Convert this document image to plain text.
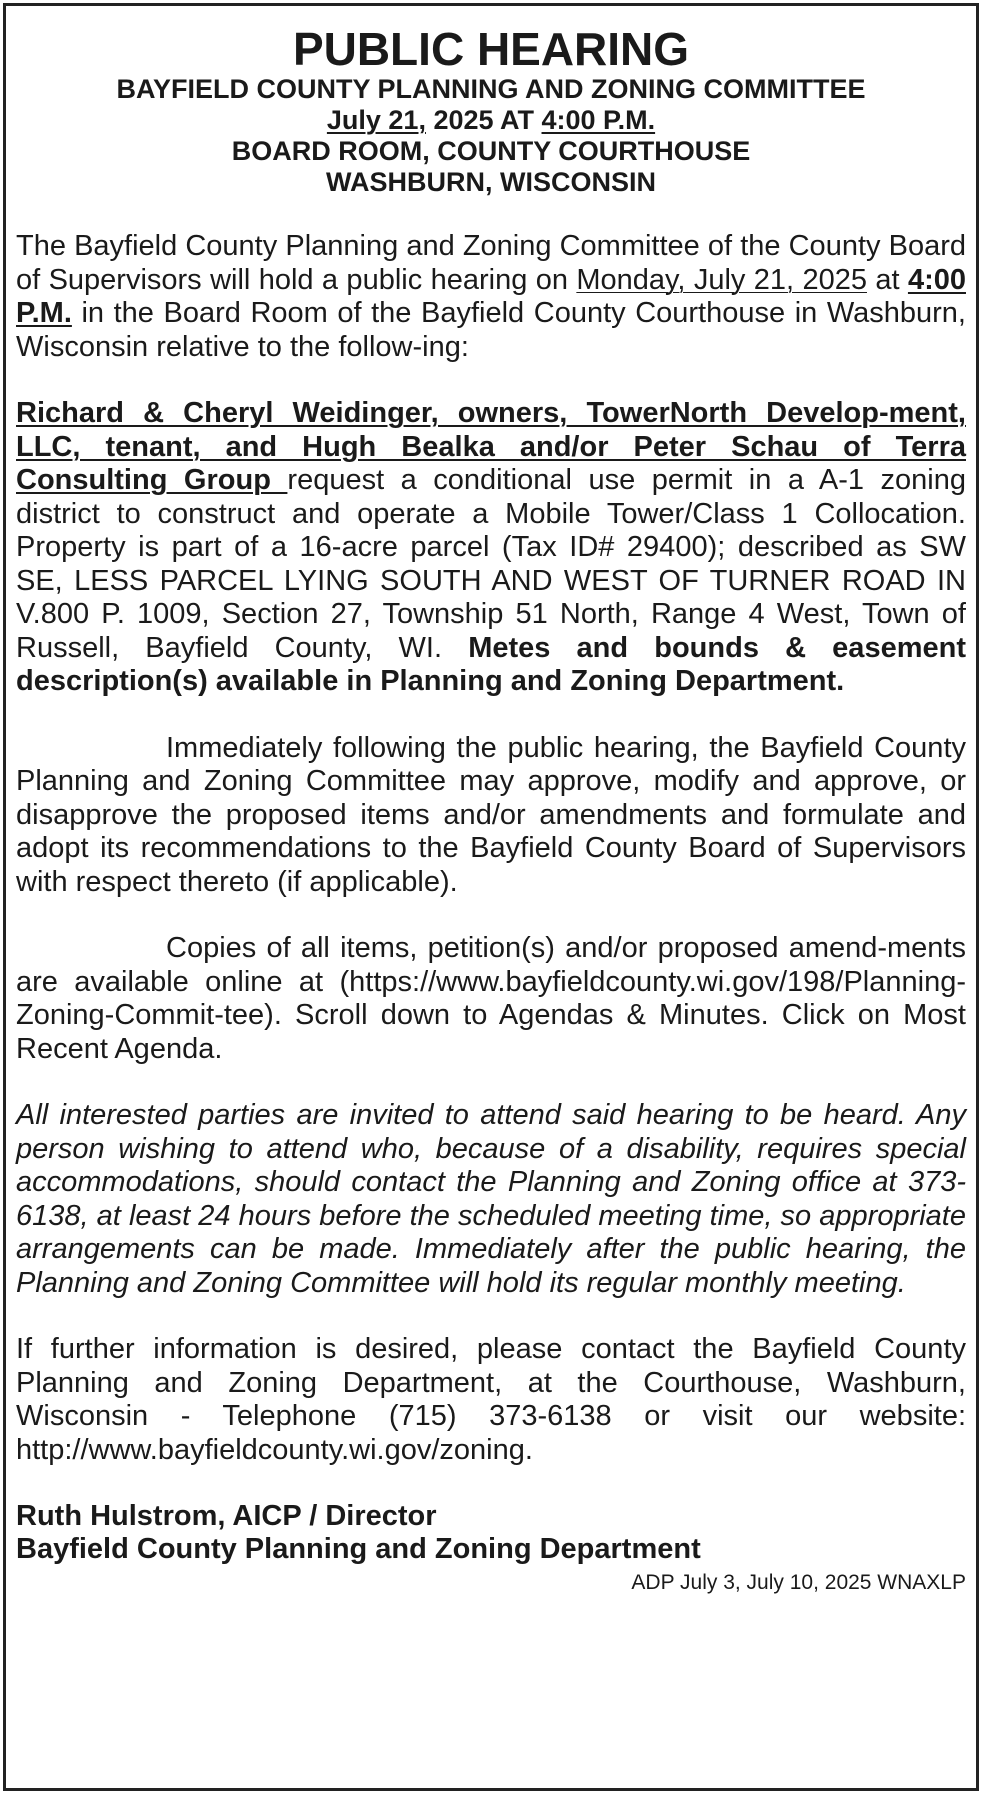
PUBLIC HEARING
BAYFIELD COUNTY PLANNING AND ZONING COMMITTEE
July 21, 2025 AT 4:00 P.M.
BOARD ROOM, COUNTY COURTHOUSE
WASHBURN, WISCONSIN

The Bayfield County Planning and Zoning Committee of the County Board of Supervisors will hold a public hearing on Monday, July 21, 2025 at 4:00 P.M. in the Board Room of the Bayfield County Courthouse in Washburn, Wisconsin relative to the follow-ing:

Richard & Cheryl Weidinger, owners, TowerNorth Develop-ment, LLC, tenant, and Hugh Bealka and/or Peter Schau of Terra Consulting Group request a conditional use permit in a A-1 zoning district to construct and operate a Mobile Tower/Class 1 Collocation. Property is part of a 16-acre parcel (Tax ID# 29400); described as SW SE, LESS PARCEL LYING SOUTH AND WEST OF TURNER ROAD IN V.800 P. 1009, Section 27, Township 51 North, Range 4 West, Town of Russell, Bayfield County, WI. Metes and bounds & easement description(s) available in Planning and Zoning Department.

Immediately following the public hearing, the Bayfield County Planning and Zoning Committee may approve, modify and approve, or disapprove the proposed items and/or amendments and formulate and adopt its recommendations to the Bayfield County Board of Supervisors with respect thereto (if applicable).

Copies of all items, petition(s) and/or proposed amend-ments are available online at (https://www.bayfieldcounty.wi.gov/198/Planning-Zoning-Commit-tee). Scroll down to Agendas & Minutes. Click on Most Recent Agenda.

All interested parties are invited to attend said hearing to be heard. Any person wishing to attend who, because of a disability, requires special accommodations, should contact the Planning and Zoning office at 373-6138, at least 24 hours before the scheduled meeting time, so appropriate arrangements can be made. Immediately after the public hearing, the Planning and Zoning Committee will hold its regular monthly meeting.

If further information is desired, please contact the Bayfield County Planning and Zoning Department, at the Courthouse, Washburn, Wisconsin - Telephone (715) 373-6138 or visit our website: http://www.bayfieldcounty.wi.gov/zoning.

Ruth Hulstrom, AICP / Director
Bayfield County Planning and Zoning Department
ADP July 3, July 10, 2025 WNAXLP
